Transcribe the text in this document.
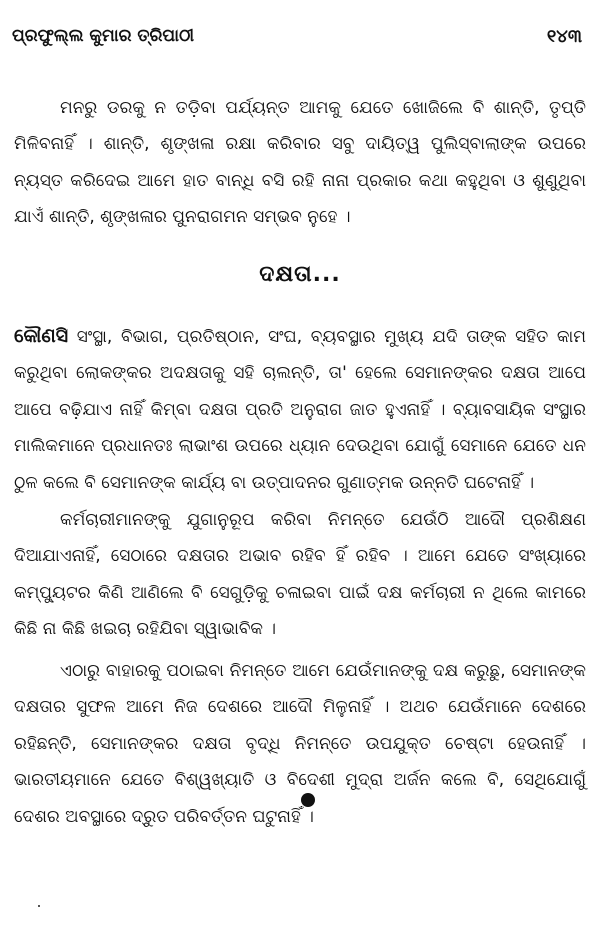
ପ୍ରଫୁଲ୍ଲ କୁମାର ତ୍ରିପାଠୀ	୧୪୩

ମନରୁ ଡରକୁ ନ ତଡ଼ିବା ପର୍ଯ୍ୟନ୍ତ ଆମକୁ ଯେତେ ଖୋଜିଲେ ବି ଶାନ୍ତି, ତୃପ୍ତି ମିଳିବନାହିଁ । ଶାନ୍ତି, ଶୃଙ୍ଖଳା ରକ୍ଷା କରିବାର ସବୁ ଦାୟିତ୍ୱ ପୁଲିସ୍‌ବାଲାଙ୍କ ଉପରେ ନ୍ୟସ୍ତ କରିଦେଇ ଆମେ ହାତ ବାନ୍ଧି ବସି ରହି ନାନା ପ୍ରକାର କଥା କହୁଥିବା ଓ ଶୁଣୁଥିବା ଯାଏଁ ଶାନ୍ତି, ଶୃଙ୍ଖଳାର ପୁନରାଗମନ ସମ୍ଭବ ନୁହେ ।

ଦକ୍ଷତା...

କୌଣସି ସଂସ୍ଥା, ବିଭାଗ, ପ୍ରତିଷ୍ଠାନ, ସଂଘ, ବ୍ୟବସ୍ଥାର ମୁଖ୍ୟ ଯଦି ତାଙ୍କ ସହିତ କାମ କରୁଥିବା ଲୋକଙ୍କର ଅଦକ୍ଷତାକୁ ସହି ଚାଲନ୍ତି, ତା' ହେଲେ ସେମାନଙ୍କର ଦକ୍ଷତା ଆପେ ଆପେ ବଢ଼ିଯାଏ ନାହିଁ କିମ୍ବା ଦକ୍ଷତା ପ୍ରତି ଅନୁରାଗ ଜାତ ହୁଏନାହିଁ । ବ୍ୟାବସାୟିକ ସଂସ୍ଥାର ମାଲିକମାନେ ପ୍ରଧାନତଃ ଲାଭାଂଶ ଉପରେ ଧ୍ୟାନ ଦେଉଥିବା ଯୋଗୁଁ ସେମାନେ ଯେତେ ଧନ ଠୁଳ କଲେ ବି ସେମାନଙ୍କ କାର୍ଯ୍ୟ ବା ଉତ୍ପାଦନର ଗୁଣାତ୍ମକ ଉନ୍ନତି ଘଟେନାହିଁ ।

କର୍ମଚାରୀମାନଙ୍କୁ ଯୁଗାନୁରୂପ କରିବା ନିମନ୍ତେ ଯେଉଁଠି ଆଦୌ ପ୍ରଶିକ୍ଷଣ ଦିଆଯାଏନାହିଁ, ସେଠାରେ ଦକ୍ଷତାର ଅଭାବ ରହିବ ହିଁ ରହିବ । ଆମେ ଯେତେ ସଂଖ୍ୟାରେ କମ୍ପ୍ୟୁଟର କିଣି ଆଣିଲେ ବି ସେଗୁଡ଼ିକୁ ଚଳାଇବା ପାଇଁ ଦକ୍ଷ କର୍ମଚାରୀ ନ ଥିଲେ କାମରେ କିଛି ନା କିଛି ଖଇଚା ରହିଯିବା ସ୍ୱାଭାବିକ ।

ଏଠାରୁ ବାହାରକୁ ପଠାଇବା ନିମନ୍ତେ ଆମେ ଯେଉଁମାନଙ୍କୁ ଦକ୍ଷ କରୁଛୁ, ସେମାନଙ୍କ ଦକ୍ଷତାର ସୁଫଳ ଆମେ ନିଜ ଦେଶରେ ଆଦୌ ମିଳୁନାହିଁ । ଅଥଚ ଯେଉଁମାନେ ଦେଶରେ ରହିଛନ୍ତି, ସେମାନଙ୍କର ଦକ୍ଷତା ବୃଦ୍ଧି ନିମନ୍ତେ ଉପଯୁକ୍ତ ଚେଷ୍ଟା ହେଉନାହିଁ । ଭାରତୀୟମାନେ ଯେତେ ବିଶ୍ୱଖ୍ୟାତି ଓ ବିଦେଶୀ ମୁଦ୍ରା ଅର୍ଜନ କଲେ ବି, ସେଥିଯୋଗୁଁ ଦେଶର ଅବସ୍ଥାରେ ଦ୍ରୁତ ପରିବର୍ତ୍ତନ ଘଟୁନାହିଁ ।
